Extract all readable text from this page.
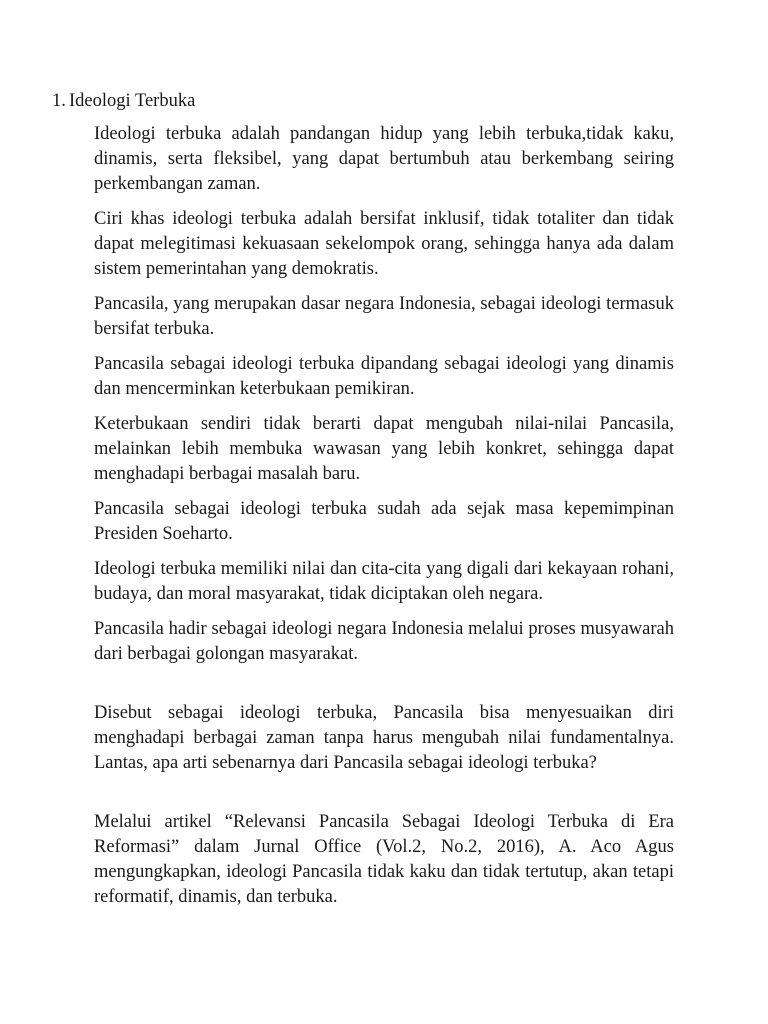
1. Ideologi Terbuka

Ideologi terbuka adalah pandangan hidup yang lebih terbuka,tidak kaku, dinamis, serta fleksibel, yang dapat bertumbuh atau berkembang seiring perkembangan zaman.

Ciri khas ideologi terbuka adalah bersifat inklusif, tidak totaliter dan tidak dapat melegitimasi kekuasaan sekelompok orang, sehingga hanya ada dalam sistem pemerintahan yang demokratis.

Pancasila, yang merupakan dasar negara Indonesia, sebagai ideologi termasuk bersifat terbuka.

Pancasila sebagai ideologi terbuka dipandang sebagai ideologi yang dinamis dan mencerminkan keterbukaan pemikiran.

Keterbukaan sendiri tidak berarti dapat mengubah nilai-nilai Pancasila, melainkan lebih membuka wawasan yang lebih konkret, sehingga dapat menghadapi berbagai masalah baru.

Pancasila sebagai ideologi terbuka sudah ada sejak masa kepemimpinan Presiden Soeharto.

Ideologi terbuka memiliki nilai dan cita-cita yang digali dari kekayaan rohani, budaya, dan moral masyarakat, tidak diciptakan oleh negara.

Pancasila hadir sebagai ideologi negara Indonesia melalui proses musyawarah dari berbagai golongan masyarakat.

Disebut sebagai ideologi terbuka, Pancasila bisa menyesuaikan diri menghadapi berbagai zaman tanpa harus mengubah nilai fundamentalnya. Lantas, apa arti sebenarnya dari Pancasila sebagai ideologi terbuka?

Melalui artikel “Relevansi Pancasila Sebagai Ideologi Terbuka di Era Reformasi” dalam Jurnal Office (Vol.2, No.2, 2016), A. Aco Agus mengungkapkan, ideologi Pancasila tidak kaku dan tidak tertutup, akan tetapi reformatif, dinamis, dan terbuka.
